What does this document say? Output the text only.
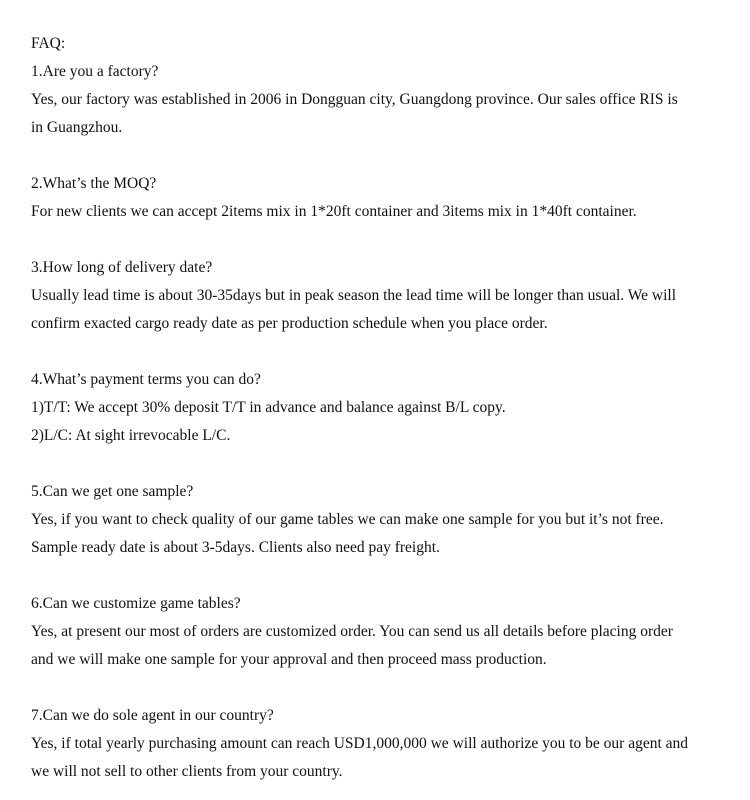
FAQ:
1.Are you a factory?
Yes, our factory was established in 2006 in Dongguan city, Guangdong province. Our sales office RIS is
in Guangzhou.
2.What’s the MOQ?
For new clients we can accept 2items mix in 1*20ft container and 3items mix in 1*40ft container.
3.How long of delivery date?
Usually lead time is about 30-35days but in peak season the lead time will be longer than usual. We will
confirm exacted cargo ready date as per production schedule when you place order.
4.What’s payment terms you can do?
1)T/T: We accept 30% deposit T/T in advance and balance against B/L copy.
2)L/C: At sight irrevocable L/C.
5.Can we get one sample?
Yes, if you want to check quality of our game tables we can make one sample for you but it’s not free.
Sample ready date is about 3-5days. Clients also need pay freight.
6.Can we customize game tables?
Yes, at present our most of orders are customized order. You can send us all details before placing order
and we will make one sample for your approval and then proceed mass production.
7.Can we do sole agent in our country?
Yes, if total yearly purchasing amount can reach USD1,000,000 we will authorize you to be our agent and
we will not sell to other clients from your country.
